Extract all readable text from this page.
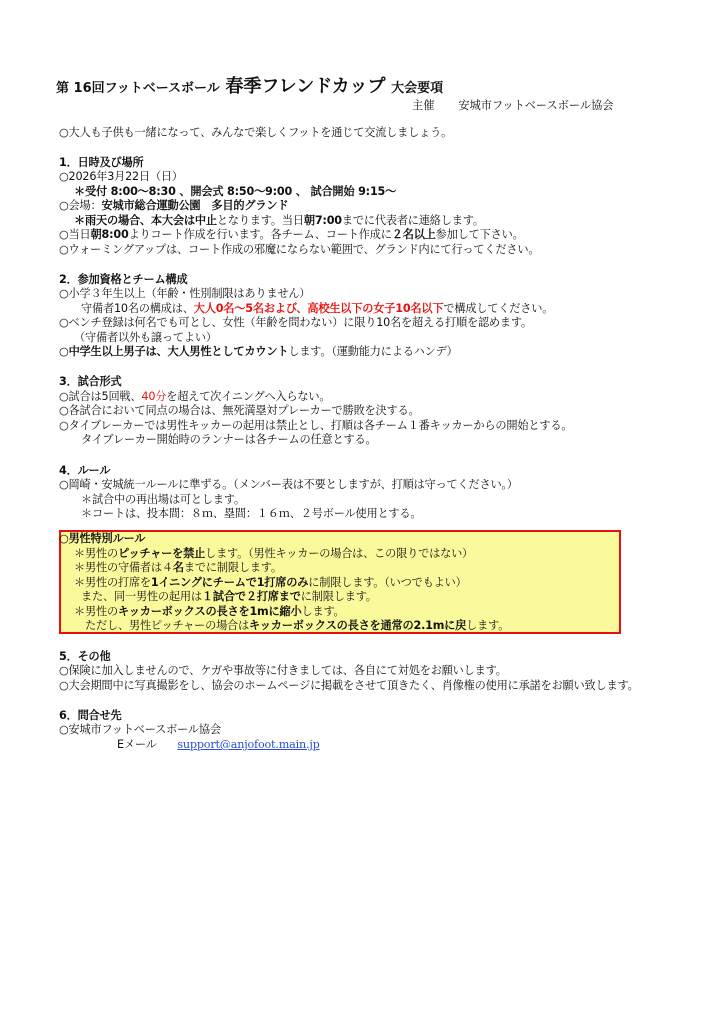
第 16回フットベースボール 春季フレンドカップ 大会要項
主催 安城市フットベースボール協会
○大人も子供も一緒になって、みんなで楽しくフットを通じて交流しましょう。
1．日時及び場所
○2026年3月22日（日）
＊受付 8:00～8:30 、開会式 8:50～9:00 、 試合開始 9:15～
○会場：安城市総合運動公園　多目的グランド
＊雨天の場合、本大会は中止となります。当日朝7:00までに代表者に連絡します。
○当日朝8:00よりコート作成を行います。各チーム、コート作成に２名以上参加して下さい。
○ウォーミングアップは、コート作成の邪魔にならない範囲で、グランド内にて行ってください。
2．参加資格とチーム構成
○小学３年生以上（年齢・性別制限はありません）
守備者10名の構成は、大人0名～5名および、高校生以下の女子10名以下で構成してください。
○ベンチ登録は何名でも可とし、女性（年齢を問わない）に限り10名を超える打順を認めます。
（守備者以外も譲ってよい）
○中学生以上男子は、大人男性としてカウントします。（運動能力によるハンデ）
3．試合形式
○試合は5回戦、40分を超えて次イニングへ入らない。
○各試合において同点の場合は、無死満塁対プレーカーで勝敗を決する。
○タイブレーカーでは男性キッカーの起用は禁止とし、打順は各チーム１番キッカーからの開始とする。
タイブレーカー開始時のランナーは各チームの任意とする。
4．ルール
○岡崎・安城統一ルールに準ずる。（メンバー表は不要としますが、打順は守ってください。）
＊試合中の再出場は可とします。
＊コートは、投本間：８ｍ、塁間：１６ｍ、２号ボール使用とする。
○男性特別ルール
＊男性のピッチャーを禁止します。（男性キッカーの場合は、この限りではない）
＊男性の守備者は４名までに制限します。
＊男性の打席を1イニングにチームで1打席のみに制限します。（いつでもよい）
また、同一男性の起用は１試合で２打席までに制限します。
＊男性のキッカーボックスの長さを1mに縮小します。
ただし、男性ピッチャーの場合はキッカーボックスの長さを通常の2.1mに戻します。
5．その他
○保険に加入しませんので、ケガや事故等に付きましては、各自にて対処をお願いします。
○大会期間中に写真撮影をし、協会のホームページに掲載をさせて頂きたく、肖像権の使用に承諾をお願い致します。
6．問合せ先
○安城市フットベースボール協会
Eメール support@anjofoot.main.jp
